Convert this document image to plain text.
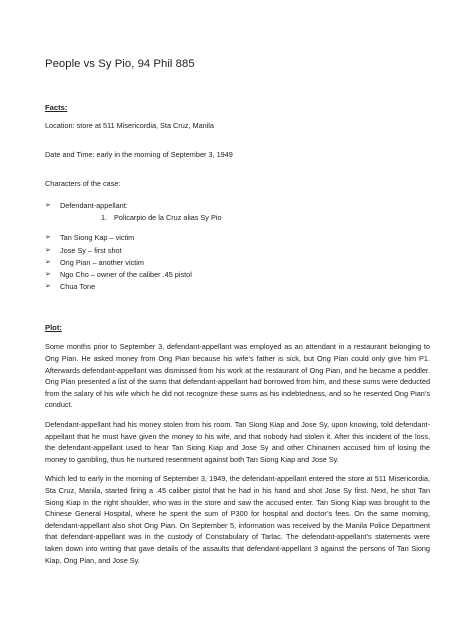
People vs Sy Pio, 94 Phil 885
Facts:

Location: store at 511 Misericordia, Sta Cruz, Manila

Date and Time: early in the morning of September 3, 1949

Characters of the case:

➢ Defendant-appellant:
1. Policarpio de la Cruz alias Sy Pio
➢ Tan Siong Kap – victim
➢ Jose Sy – first shot
➢ Ong Pian – another victim
➢ Ngo Cho – owner of the caliber .45 pistol
➢ Chua Tone
Plot:

Some months prior to September 3, defendant-appellant was employed as an attendant in a restaurant belonging to Ong Pian. He asked money from Ong Pian because his wife’s father is sick, but Ong Pian could only give him P1. Afterwards defendant-appellant was dismissed from his work at the restaurant of Ong Pian, and he became a peddler. Ong Pian presented a list of the sums that defendant-appellant had borrowed from him, and these sums were deducted from the salary of his wife which he did not recognize these sums as his indebtedness, and so he resented Ong Pian’s conduct.

Defendant-appellant had his money stolen from his room. Tan Siong Kiap and Jose Sy, upon knowing, told defendant-appellant that he must have given the money to his wife, and that nobody had stolen it. After this incident of the loss, the defendant-appellant used to hear Tan Siong Kiap and Jose Sy and other Chinamen accused him of losing the money to gambling, thus he nurtured resentment against both Tan Siong Kiap and Jose Sy.

Which led to early in the morning of September 3, 1949, the defendant-appellant entered the store at 511 Misericordia, Sta Cruz, Manila, started firing a .45 caliber pistol that he had in his hand and shot Jose Sy first. Next, he shot Tan Siong Kiap in the right shoulder, who was in the store and saw the accused enter. Tan Siong Kiap was brought to the Chinese General Hospital, where he spent the sum of P300 for hospital and doctor’s fees. On the same morning, defendant-appellant also shot Ong Pian. On September 5, information was received by the Manila Police Department that defendant-appellant was in the custody of Constabulary of Tarlac. The defendant-appellant’s statements were taken down into writing that gave details of the assaults that defendant-appellant 3 against the persons of Tan Siong Kiap, Ong Pian, and Jose Sy.
